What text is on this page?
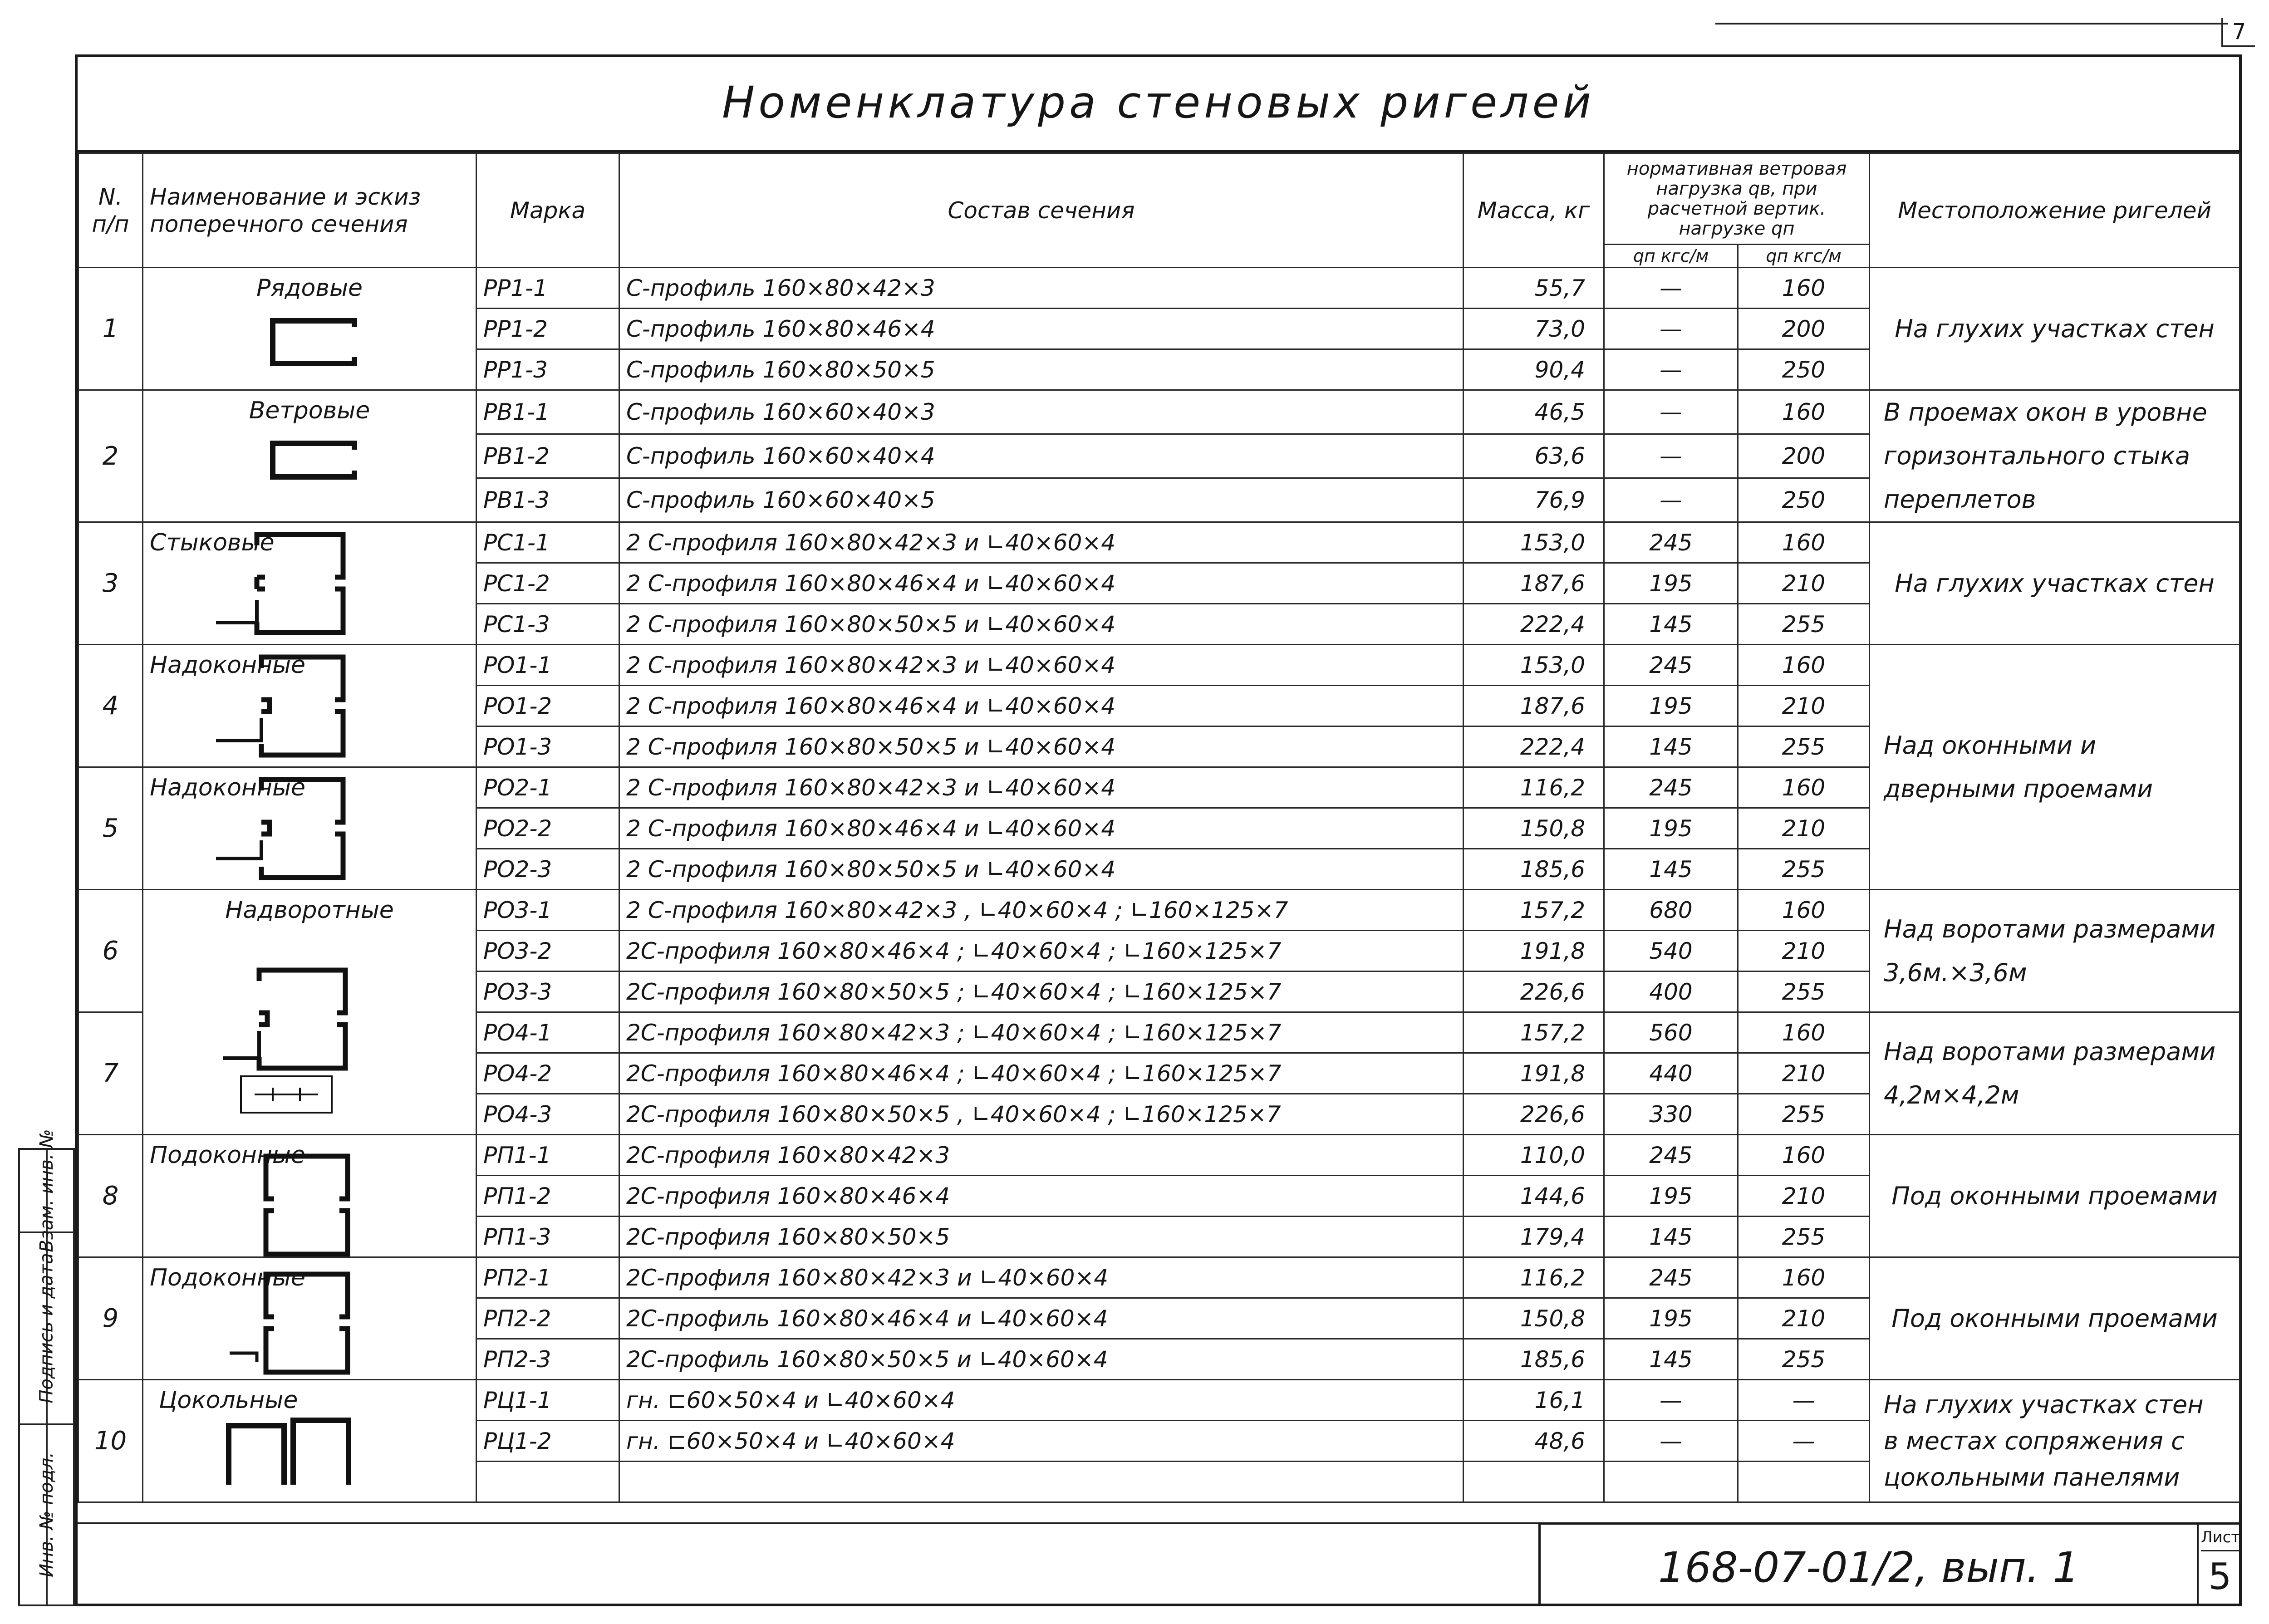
7
Номенклатура стеновых ригелей
N. п/п	Наименование и эскиз поперечного сечения	Марка	Состав сечения	Масса, кг	нормативная ветровая нагрузка qв, при расчетной вертик. нагрузке qп		Местоположение ригелей
					qп кгс/м	qп кгс/м	
1	Рядовые	РР1-1	С-профиль 160×80×42×3	55,7	—	160	На глухих участках стен
		РР1-2	С-профиль 160×80×46×4	73,0	—	200	
		РР1-3	С-профиль 160×80×50×5	90,4	—	250	
2	Ветровые	РВ1-1	С-профиль 160×60×40×3	46,5	—	160	В проемах окон в уровне горизонтального стыка переплетов
		РВ1-2	С-профиль 160×60×40×4	63,6	—	200	
		РВ1-3	С-профиль 160×60×40×5	76,9	—	250	
3	Стыковые	РС1-1	2 С-профиля 160×80×42×3 и ∟40×60×4	153,0	245	160	На глухих участках стен
		РС1-2	2 С-профиля 160×80×46×4 и ∟40×60×4	187,6	195	210	
		РС1-3	2 С-профиля 160×80×50×5 и ∟40×60×4	222,4	145	255	
4	Надоконные	РО1-1	2 С-профиля 160×80×42×3 и ∟40×60×4	153,0	245	160	Над оконными и дверными проемами
		РО1-2	2 С-профиля 160×80×46×4 и ∟40×60×4	187,6	195	210	
		РО1-3	2 С-профиля 160×80×50×5 и ∟40×60×4	222,4	145	255	
5	Надоконные	РО2-1	2 С-профиля 160×80×42×3 и ∟40×60×4	116,2	245	160	
		РО2-2	2 С-профиля 160×80×46×4 и ∟40×60×4	150,8	195	210	
		РО2-3	2 С-профиля 160×80×50×5 и ∟40×60×4	185,6	145	255	
6	Надворотные	РО3-1	2 С-профиля 160×80×42×3 , ∟40×60×4 ; ∟160×125×7	157,2	680	160	Над воротами размерами 3,6м.×3,6м
		РО3-2	2С-профиля 160×80×46×4 ; ∟40×60×4 ; ∟160×125×7	191,8	540	210	
		РО3-3	2С-профиля 160×80×50×5 ; ∟40×60×4 ; ∟160×125×7	226,6	400	255	
7		РО4-1	2С-профиля 160×80×42×3 ; ∟40×60×4 ; ∟160×125×7	157,2	560	160	Над воротами размерами 4,2м×4,2м
		РО4-2	2С-профиля 160×80×46×4 ; ∟40×60×4 ; ∟160×125×7	191,8	440	210	
		РО4-3	2С-профиля 160×80×50×5 , ∟40×60×4 ; ∟160×125×7	226,6	330	255	
8	Подоконные	РП1-1	2С-профиля 160×80×42×3	110,0	245	160	Под оконными проемами
		РП1-2	2С-профиля 160×80×46×4	144,6	195	210	
		РП1-3	2С-профиля 160×80×50×5	179,4	145	255	
9	Подоконные	РП2-1	2С-профиля 160×80×42×3 и ∟40×60×4	116,2	245	160	Под оконными проемами
		РП2-2	2С-профиль 160×80×46×4 и ∟40×60×4	150,8	195	210	
		РП2-3	2С-профиль 160×80×50×5 и ∟40×60×4	185,6	145	255	
10	Цокольные	РЦ1-1	гн. ⊏60×50×4 и ∟40×60×4	16,1	—	—	На глухих участках стен в местах сопряжения с цокольными панелями
		РЦ1-2	гн. ⊏60×50×4 и ∟40×60×4	48,6	—	—	

Взам. инв. №
Подпись и дата
Инв. № подл.	168-07-01/2, вып. 1
Лист
5
